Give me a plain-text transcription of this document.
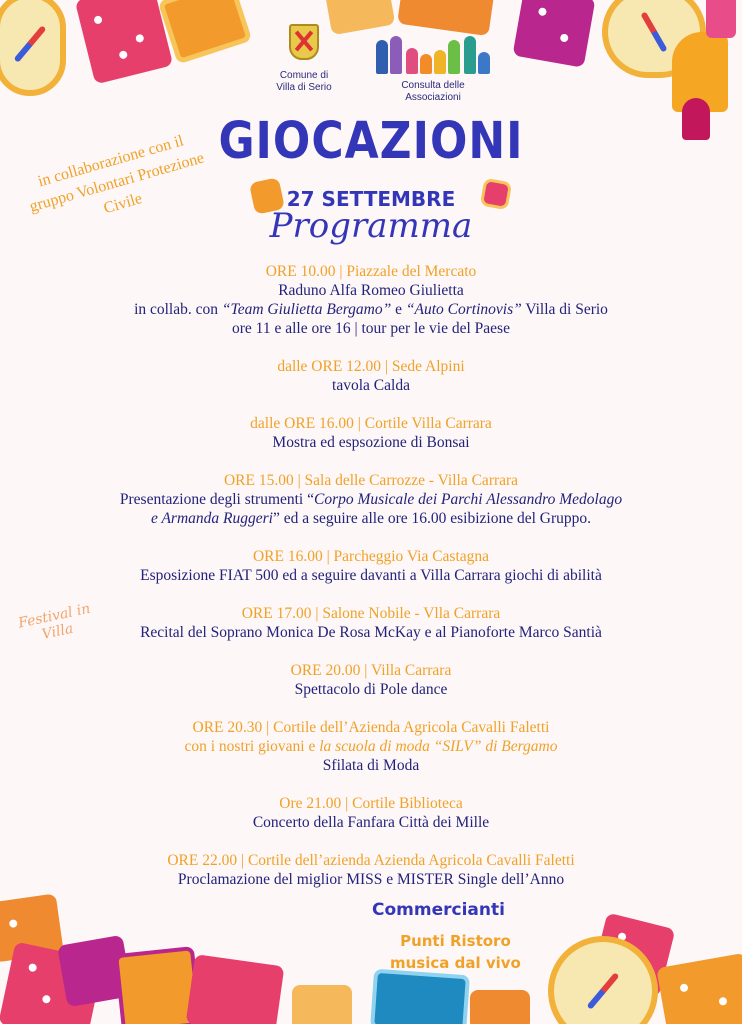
Comune di
Villa di Serio	Consulta delle
Associazioni
GIOCAZIONI
27 SETTEMBRE
Programma
in collaborazione con il gruppo Volontari Protezione Civile
Festival in Villa
ORE 10.00 | Piazzale del Mercato
Raduno Alfa Romeo Giulietta
in collab. con “Team Giulietta Bergamo” e “Auto Cortinovis” Villa di Serio
ore 11 e alle ore 16 | tour per le vie del Paese
dalle ORE 12.00 | Sede Alpini
tavola Calda
dalle ORE 16.00 | Cortile Villa Carrara
Mostra ed espsozione di Bonsai
ORE 15.00 | Sala delle Carrozze - Villa Carrara
Presentazione degli strumenti “Corpo Musicale dei Parchi Alessandro Medolago
e Armanda Ruggeri” ed a seguire alle ore 16.00 esibizione del Gruppo.
ORE 16.00 | Parcheggio Via Castagna
Esposizione FIAT 500 ed a seguire davanti a Villa Carrara giochi di abilità
ORE 17.00 | Salone Nobile - Vlla Carrara
Recital del Soprano Monica De Rosa McKay e al Pianoforte Marco Santià
ORE 20.00 | Villa Carrara
Spettacolo di Pole dance
ORE 20.30 | Cortile dell’Azienda Agricola Cavalli Faletti
con i nostri giovani e la scuola di moda “SILV” di Bergamo
Sfilata di Moda
Ore 21.00 | Cortile Biblioteca
Concerto della Fanfara Città dei Mille
ORE 22.00 | Cortile dell’azienda Azienda Agricola Cavalli Faletti
Proclamazione del miglior MISS e MISTER Single dell’Anno
Commercianti
Punti Ristoro
musica dal vivo
